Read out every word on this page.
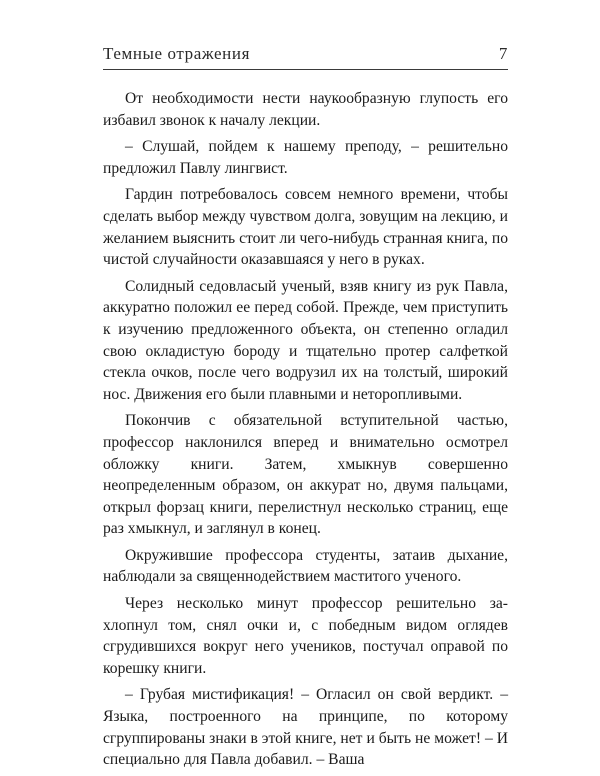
Темные отражения	7

От необходимости нести наукообразную глупость его избавил звонок к началу лекции.

– Слушай, пойдем к нашему преподу, – решительно предложил Павлу лингвист.

Гардин потребовалось совсем немного времени, чтобы сделать выбор между чувством долга, зовущим на лекцию, и желанием выяснить стоит ли чего-нибудь странная книга, по чистой случайности оказавшаяся у него в руках.

Солидный седовласый ученый, взяв книгу из рук Павла, аккуратно положил ее перед собой. Прежде, чем приступить к изучению предложенного объекта, он степенно огладил свою окладистую бороду и тщательно протер салфеткой стекла очков, после чего водрузил их на толстый, широкий нос. Движения его были плавными и неторопливыми.

Покончив с обязательной вступительной частью, профессор наклонился вперед и внимательно осмотрел обложку книги. Затем, хмыкнув совершенно неопределенным образом, он аккурат но, двумя пальцами, открыл форзац книги, перелистнул несколько страниц, еще раз хмыкнул, и заглянул в конец.

Окружившие профессора студенты, затаив дыхание, наблюдали за священнодействием маститого ученого.

Через несколько минут профессор решительно захлопнул том, снял очки и, с победным видом оглядев сгрудившихся вокруг него учеников, постучал оправой по корешку книги.

– Грубая мистификация! – Огласил он свой вердикт. – Языка, построенного на принципе, по которому сгруппированы знаки в этой книге, нет и быть не может! – И специально для Павла добавил. – Ваша
